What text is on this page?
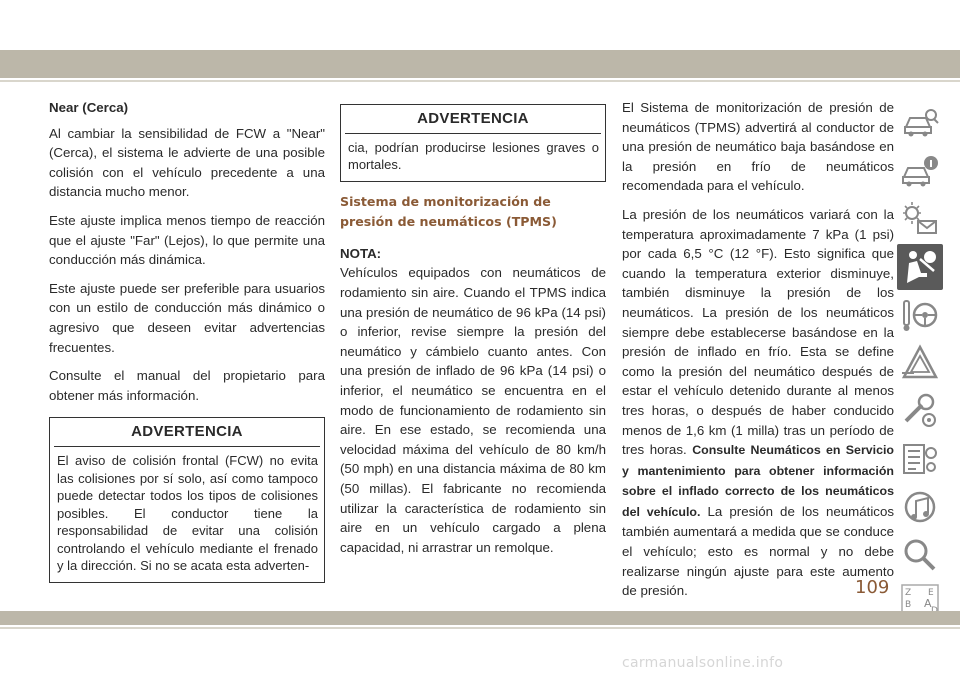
Near (Cerca)

Al cambiar la sensibilidad de FCW a "Near" (Cerca), el sistema le advierte de una posible colisión con el vehículo precedente a una distancia mucho menor.

Este ajuste implica menos tiempo de reacción que el ajuste "Far" (Lejos), lo que permite una conducción más dinámica.

Este ajuste puede ser preferible para usuarios con un estilo de conducción más dinámico o agresivo que deseen evitar advertencias frecuentes.

Consulte el manual del propietario para obtener más información.

ADVERTENCIA
El aviso de colisión frontal (FCW) no evita las colisiones por sí solo, así como tampoco puede detectar todos los tipos de colisiones posibles. El conductor tiene la responsabilidad de evitar una colisión controlando el vehículo mediante el frenado y la dirección. Si no se acata esta adverten-
ADVERTENCIA
cia, podrían producirse lesiones graves o mortales.
Sistema de monitorización de presión de neumáticos (TPMS)
NOTA:

Vehículos equipados con neumáticos de rodamiento sin aire. Cuando el TPMS indica una presión de neumático de 96 kPa (14 psi) o inferior, revise siempre la presión del neumático y cámbielo cuanto antes. Con una presión de inflado de 96 kPa (14 psi) o inferior, el neumático se encuentra en el modo de funcionamiento de rodamiento sin aire. En ese estado, se recomienda una velocidad máxima del vehículo de 80 km/h (50 mph) en una distancia máxima de 80 km (50 millas). El fabricante no recomienda utilizar la característica de rodamiento sin aire en un vehículo cargado a plena capacidad, ni arrastrar un remolque.

El Sistema de monitorización de presión de neumáticos (TPMS) advertirá al conductor de una presión de neumático baja basándose en la presión en frío de neumáticos recomendada para el vehículo.

La presión de los neumáticos variará con la temperatura aproximadamente 7 kPa (1 psi) por cada 6,5 °C (12 °F). Esto significa que cuando la temperatura exterior disminuye, también disminuye la presión de los neumáticos. La presión de los neumáticos siempre debe establecerse basándose en la presión de inflado en frío. Esta se define como la presión del neumático después de estar el vehículo detenido durante al menos tres horas, o después de haber conducido menos de 1,6 km (1 milla) tras un período de tres horas. Consulte Neumáticos en Servicio y mantenimiento para obtener información sobre el inflado correcto de los neumáticos del vehículo. La presión de los neumáticos también aumentará a medida que se conduce el vehículo; esto es normal y no debe realizarse ningún ajuste para este aumento de presión.	Z E
B A
109
carmanualsonline.info
